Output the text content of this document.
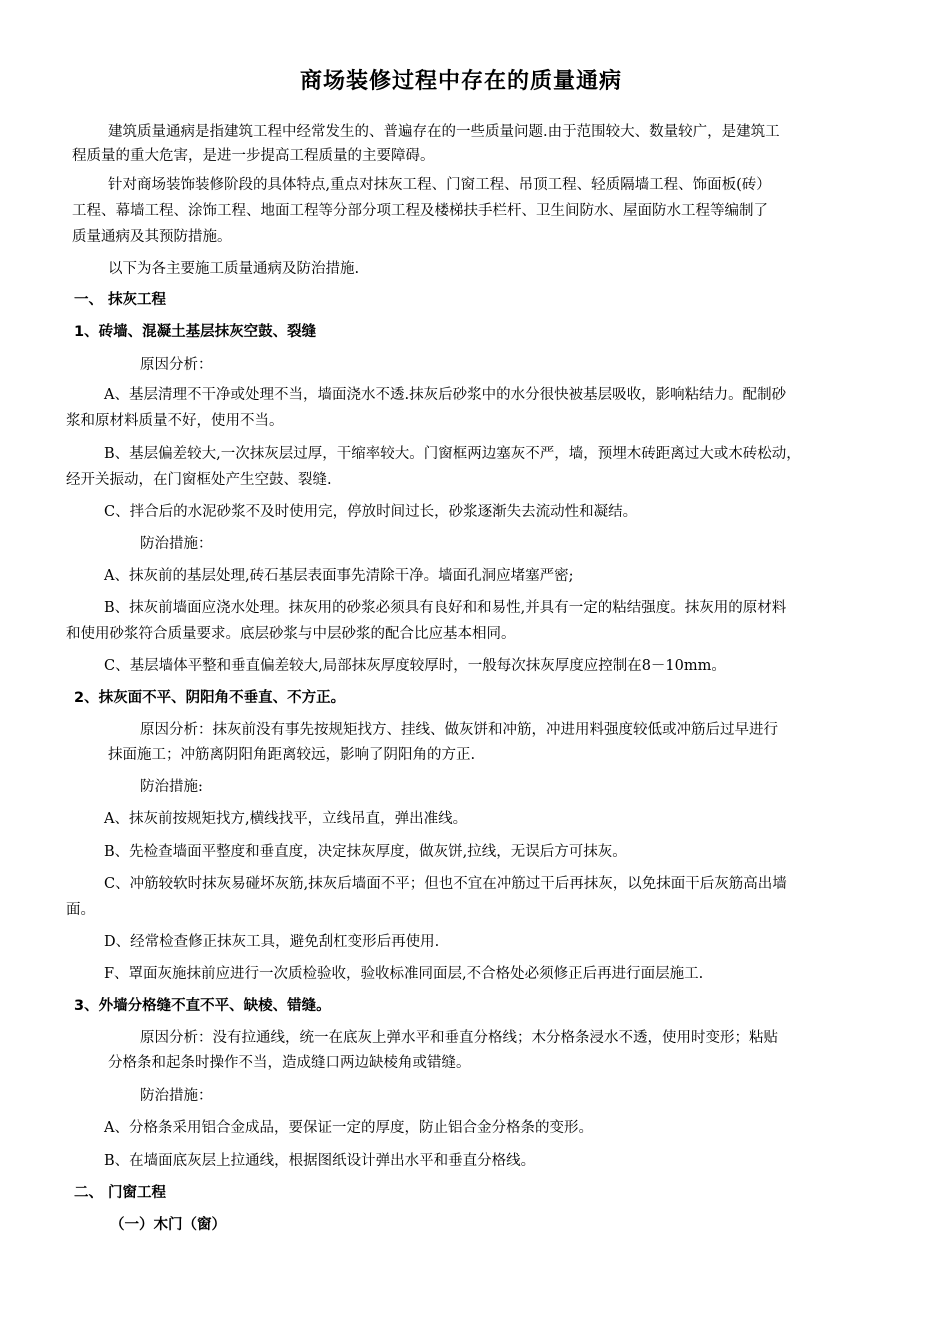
商场装修过程中存在的质量通病
建筑质量通病是指建筑工程中经常发生的、普遍存在的一些质量问题.由于范围较大、数量较广，是建筑工
程质量的重大危害，是进一步提高工程质量的主要障碍。
针对商场装饰装修阶段的具体特点,重点对抹灰工程、门窗工程、吊顶工程、轻质隔墙工程、饰面板(砖）
工程、幕墙工程、涂饰工程、地面工程等分部分项工程及楼梯扶手栏杆、卫生间防水、屋面防水工程等编制了
质量通病及其预防措施。
以下为各主要施工质量通病及防治措施.
一、 抹灰工程
1、砖墙、混凝土基层抹灰空鼓、裂缝
原因分析：
A、基层清理不干净或处理不当，墙面浇水不透.抹灰后砂浆中的水分很快被基层吸收，影响粘结力。配制砂
浆和原材料质量不好，使用不当。
B、基层偏差较大,一次抹灰层过厚，干缩率较大。门窗框两边塞灰不严，墙，预埋木砖距离过大或木砖松动，
经开关振动，在门窗框处产生空鼓、裂缝.
C、拌合后的水泥砂浆不及时使用完，停放时间过长，砂浆逐渐失去流动性和凝结。
防治措施：
A、抹灰前的基层处理,砖石基层表面事先清除干净。墙面孔洞应堵塞严密;
B、抹灰前墙面应浇水处理。抹灰用的砂浆必须具有良好和和易性,并具有一定的粘结强度。抹灰用的原材料
和使用砂浆符合质量要求。底层砂浆与中层砂浆的配合比应基本相同。
C、基层墙体平整和垂直偏差较大,局部抹灰厚度较厚时，一般每次抹灰厚度应控制在8－10mm。
2、抹灰面不平、阴阳角不垂直、不方正。
原因分析：抹灰前没有事先按规矩找方、挂线、做灰饼和冲筋，冲进用料强度较低或冲筋后过早进行
抹面施工；冲筋离阴阳角距离较远，影响了阴阳角的方正.
防治措施:
A、抹灰前按规矩找方,横线找平，立线吊直，弹出准线。
B、先检查墙面平整度和垂直度，决定抹灰厚度，做灰饼,拉线，无误后方可抹灰。
C、冲筋较软时抹灰易碰坏灰筋,抹灰后墙面不平；但也不宜在冲筋过干后再抹灰，以免抹面干后灰筋高出墙
面。
D、经常检查修正抹灰工具，避免刮杠变形后再使用.
F、罩面灰施抹前应进行一次质检验收，验收标准同面层,不合格处必须修正后再进行面层施工.
3、外墙分格缝不直不平、缺棱、错缝。
原因分析：没有拉通线，统一在底灰上弹水平和垂直分格线；木分格条浸水不透，使用时变形；粘贴
分格条和起条时操作不当，造成缝口两边缺棱角或错缝。
防治措施：
A、分格条采用铝合金成品，要保证一定的厚度，防止铝合金分格条的变形。
B、在墙面底灰层上拉通线，根据图纸设计弹出水平和垂直分格线。
二、 门窗工程
（一）木门（窗）
